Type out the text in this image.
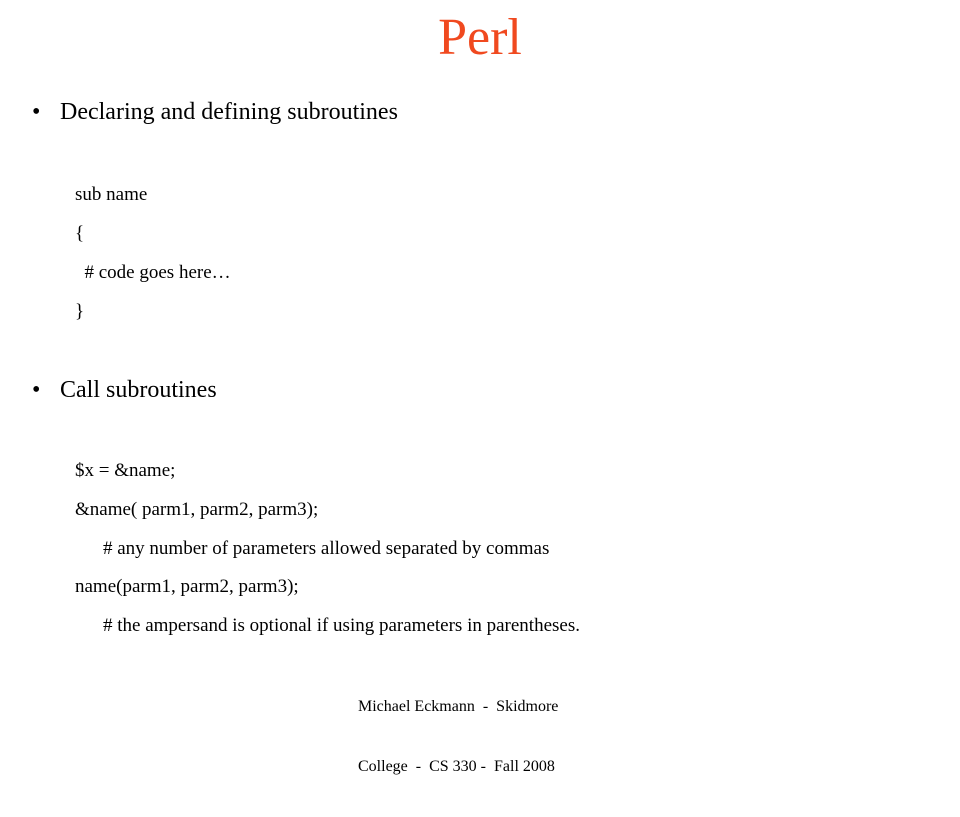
Perl
• Declaring and defining subroutines
sub name
{
# code goes here…
}
• Call subroutines
$x = &name;
&name( parm1, parm2, parm3);
# any number of parameters allowed separated by commas
name(parm1, parm2, parm3);
# the ampersand is optional if using parameters in parentheses.

Michael Eckmann  -  Skidmore

College  -  CS 330 -  Fall 2008
